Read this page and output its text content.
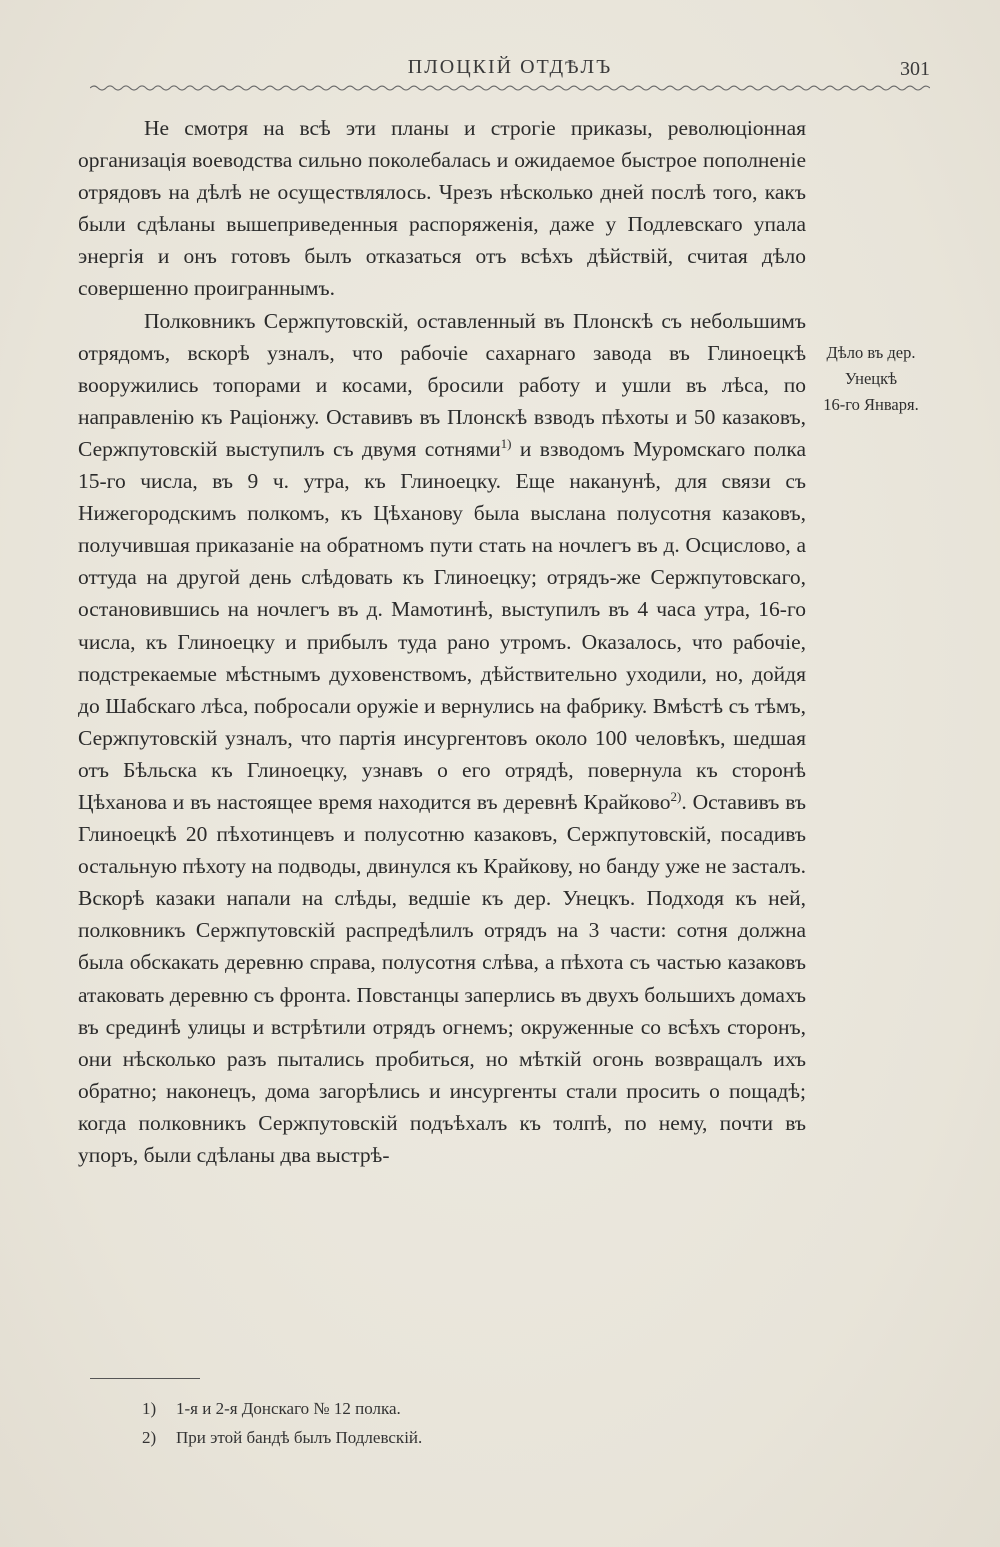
ПЛОЦКІЙ ОТДѢЛЪ	301

Не смотря на всѣ эти планы и строгіе приказы, революціонная организація воеводства сильно поколебалась и ожидаемое быстрое пополненіе отрядовъ на дѣлѣ не осуществлялось. Чрезъ нѣсколько дней послѣ того, какъ были сдѣланы вышеприведенныя распоряженія, даже у Подлевскаго упала энергія и онъ готовъ былъ отказаться отъ всѣхъ дѣйствій, считая дѣло совершенно проиграннымъ.

Полковникъ Сержпутовскій, оставленный въ Плонскѣ съ небольшимъ отрядомъ, вскорѣ узналъ, что рабочіе сахарнаго завода въ Глиноецкѣ вооружились топорами и косами, бросили работу и ушли въ лѣса, по направленію къ Раціонжу. Оставивъ въ Плонскѣ взводъ пѣхоты и 50 казаковъ, Сержпутовскій выступилъ съ двумя сотнями$^{1)}$ и взводомъ Муромскаго полка 15-го числа, въ 9 ч. утра, къ Глиноецку. Еще наканунѣ, для связи съ Нижегородскимъ полкомъ, къ Цѣханову была выслана полусотня казаковъ, получившая приказаніе на обратномъ пути стать на ночлегъ въ д. Осцислово, а оттуда на другой день слѣдовать къ Глиноецку; отрядъ-же Сержпутовскаго, остановившись на ночлегъ въ д. Мамотинѣ, выступилъ въ 4 часа утра, 16-го числа, къ Глиноецку и прибылъ туда рано утромъ. Оказалось, что рабочіе, подстрекаемые мѣстнымъ духовенствомъ, дѣйствительно уходили, но, дойдя до Шабскаго лѣса, побросали оружіе и вернулись на фабрику. Вмѣстѣ съ тѣмъ, Сержпутовскій узналъ, что партія инсургентовъ около 100 человѣкъ, шедшая отъ Бѣльска къ Глиноецку, узнавъ о его отрядѣ, повернула къ сторонѣ Цѣханова и въ настоящее время находится въ деревнѣ Крайково$^{2)}$. Оставивъ въ Глиноецкѣ 20 пѣхотинцевъ и полусотню казаковъ, Сержпутовскій, посадивъ остальную пѣхоту на подводы, двинулся къ Крайкову, но банду уже не засталъ. Вскорѣ казаки напали на слѣды, ведшіе къ дер. Унецкъ. Подходя къ ней, полковникъ Сержпутовскій распредѣлилъ отрядъ на 3 части: сотня должна была обскакать деревню справа, полусотня слѣва, а пѣхота съ частью казаковъ атаковать деревню съ фронта. Повстанцы заперлись въ двухъ большихъ домахъ въ срединѣ улицы и встрѣтили отрядъ огнемъ; окруженные со всѣхъ сторонъ, они нѣсколько разъ пытались пробиться, но мѣткій огонь возвращалъ ихъ обратно; наконецъ, дома загорѣлись и инсургенты стали просить о пощадѣ; когда полковникъ Сержпутовскій подъѣхалъ къ толпѣ, по нему, почти въ упоръ, были сдѣланы два выстрѣ-

Дѣло въ дер.
Унецкѣ
16-го Января.
1) 1-я и 2-я Донскаго № 12 полка.
2) При этой бандѣ былъ Подлевскій.
